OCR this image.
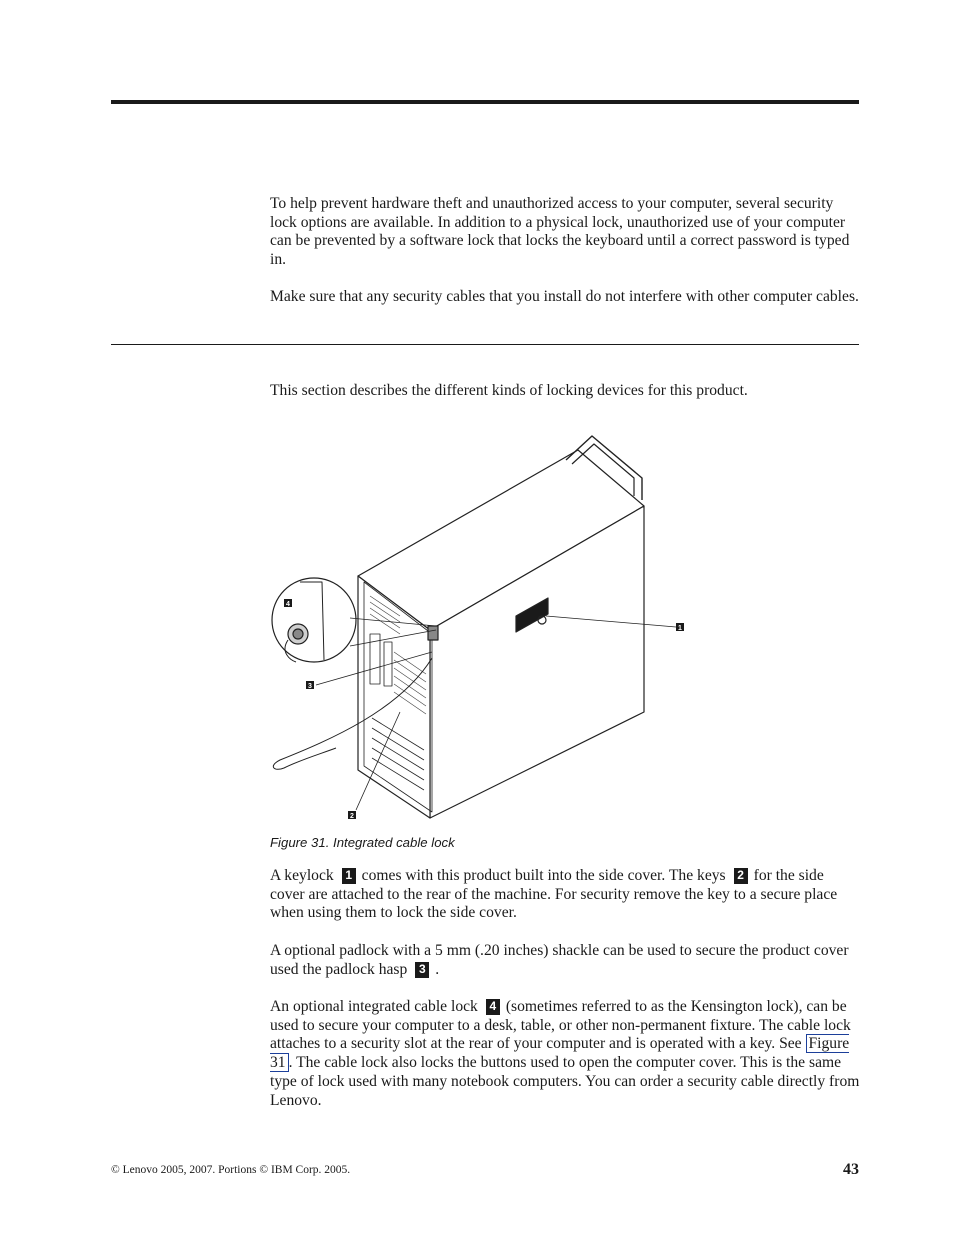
To help prevent hardware theft and unauthorized access to your computer, several security lock options are available. In addition to a physical lock, unauthorized use of your computer can be prevented by a software lock that locks the keyboard until a correct password is typed in.

Make sure that any security cables that you install do not interfere with other computer cables.

This section describes the different kinds of locking devices for this product.

4
1
3
2

Figure 31. Integrated cable lock

A keylock 1 comes with this product built into the side cover. The keys 2 for the side cover are attached to the rear of the machine. For security remove the key to a secure place when using them to lock the side cover.

A optional padlock with a 5 mm (.20 inches) shackle can be used to secure the product cover used the padlock hasp 3 .

An optional integrated cable lock 4 (sometimes referred to as the Kensington lock), can be used to secure your computer to a desk, table, or other non-permanent fixture. The cable lock attaches to a security slot at the rear of your computer and is operated with a key. See Figure 31 . The cable lock also locks the buttons used to open the computer cover. This is the same type of lock used with many notebook computers. You can order a security cable directly from Lenovo.

© Lenovo 2005, 2007. Portions © IBM Corp. 2005.	43
